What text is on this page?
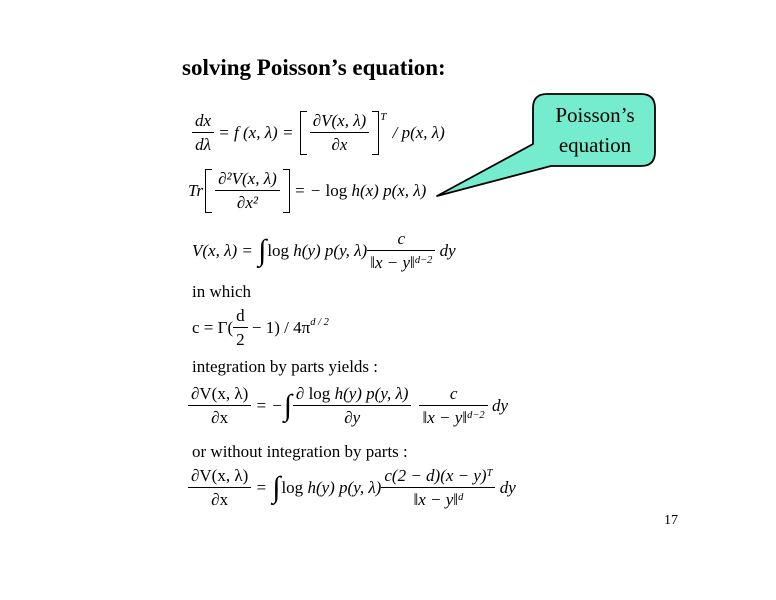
solving Poisson’s equation:
$\frac{dx}{d\lambda} = f$ (x, $\lambda) = \frac{\partial V(x, \lambda)}{\partial x}$ T
/ p(x, λ)
Tr $\frac{\text{∂²V(x, λ)}}{\text{∂x²}}$ = − log h(x) p(x, λ)
V(x, λ) = ∫ log h(y) p(y, $\lambda) \frac{c}{‖x - y‖^{d-2}}$ dy
in which
$c = \Gamma( \frac{d}{2} - 1) / 4\pi$ d / 2
integration by parts yields :
$\frac{\partial V(x, \lambda)}{\partial x}$ = − ∫ $\frac{\text{∂ log h(y) p(y, λ)}}{\partial y} \frac{c}{‖x - y‖^{d-2}}$ dy
or without integration by parts :
$\frac{\partial V(x, \lambda)}{\partial x}$ = ∫ log h(y) p(y, $\lambda) \frac{c(2 - d)(x - y)^T}{‖x - y‖^d}$ dy
Poisson’s
equation
17
